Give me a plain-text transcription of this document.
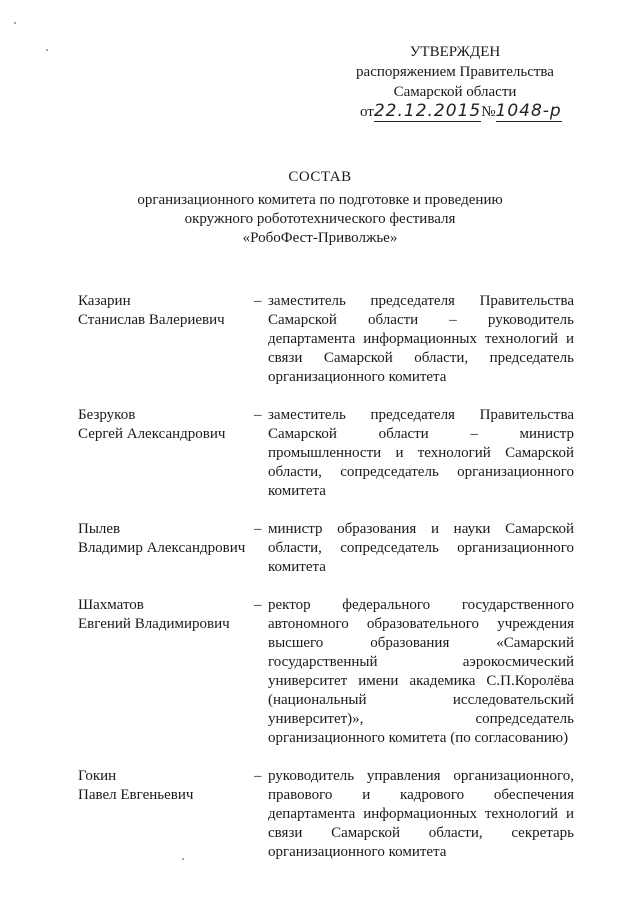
УТВЕРЖДЕН
распоряжением Правительства
Самарской области
от22.12.2015№1048-р
СОСТАВ
организационного комитета по подготовке и проведению
окружного робототехнического фестиваля
«РобоФест-Приволжье»
Казарин
Станислав Валериевич
– заместитель председателя Правительства Самарской области – руководитель департамента информационных технологий и связи Самарской области, председатель организационного комитета
Безруков
Сергей Александрович
– заместитель председателя Правительства Самарской области – министр промышленности и технологий Самарской области, сопредседатель организационного комитета
Пылев
Владимир Александрович
– министр образования и науки Самарской области, сопредседатель организационного комитета
Шахматов
Евгений Владимирович
– ректор федерального государственного автономного образовательного учреждения высшего образования «Самарский государственный аэрокосмический университет имени академика С.П.Королёва (национальный исследовательский университет)», сопредседатель организационного комитета (по согласованию)
Гокин
Павел Евгеньевич
– руководитель управления организационного, правового и кадрового обеспечения департамента информационных технологий и связи Самарской области, секретарь организационного комитета
